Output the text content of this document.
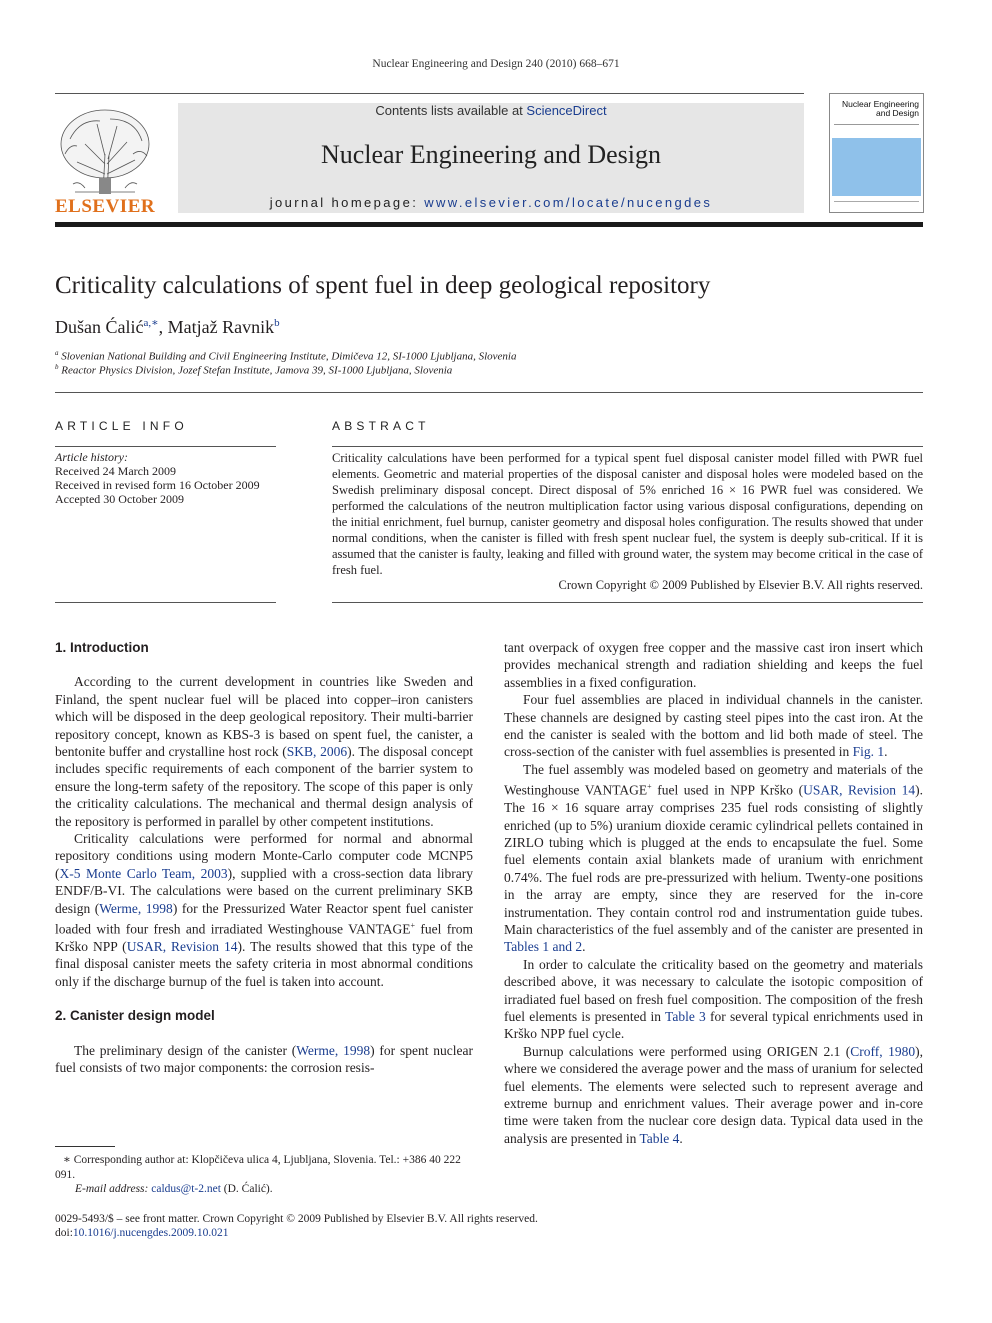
Nuclear Engineering and Design 240 (2010) 668–671
ELSEVIER
Contents lists available at ScienceDirect
Nuclear Engineering and Design
journal homepage: www.elsevier.com/locate/nucengdes
Nuclear Engineering
and Design
Criticality calculations of spent fuel in deep geological repository
Dušan Ćalić$^{a,∗}$, Matjaž Ravnik$^b$
$^a$ Slovenian National Building and Civil Engineering Institute, Dimičeva 12, SI-1000 Ljubljana, Slovenia
$^b$ Reactor Physics Division, Jozef Stefan Institute, Jamova 39, SI-1000 Ljubljana, Slovenia
ARTICLE INFO
Article history:
Received 24 March 2009
Received in revised form 16 October 2009
Accepted 30 October 2009
ABSTRACT
Criticality calculations have been performed for a typical spent fuel disposal canister model filled with PWR fuel elements. Geometric and material properties of the disposal canister and disposal holes were modeled based on the Swedish preliminary disposal concept. Direct disposal of 5% enriched 16 × 16 PWR fuel was considered. We performed the calculations of the neutron multiplication factor using various disposal configurations, depending on the initial enrichment, fuel burnup, canister geometry and disposal holes configuration. The results showed that under normal conditions, when the canister is filled with fresh spent nuclear fuel, the system is deeply sub-critical. If it is assumed that the canister is faulty, leaking and filled with ground water, the system may become critical in the case of fresh fuel.
Crown Copyright © 2009 Published by Elsevier B.V. All rights reserved.
1. Introduction

According to the current development in countries like Sweden and Finland, the spent nuclear fuel will be placed into copper–iron canisters which will be disposed in the deep geological repository. Their multi-barrier repository concept, known as KBS-3 is based on spent fuel, the canister, a bentonite buffer and crystalline host rock (SKB, 2006). The disposal concept includes specific requirements of each component of the barrier system to ensure the long-term safety of the repository. The scope of this paper is only the criticality calculations. The mechanical and thermal design analysis of the repository is performed in parallel by other competent institutions.

Criticality calculations were performed for normal and abnormal repository conditions using modern Monte-Carlo computer code MCNP5 (X-5 Monte Carlo Team, 2003), supplied with a cross-section data library ENDF/B-VI. The calculations were based on the current preliminary SKB design (Werme, 1998) for the Pressurized Water Reactor spent fuel canister loaded with four fresh and irradiated Westinghouse VANTAGE+ fuel from Krško NPP (USAR, Revision 14). The results showed that this type of the final disposal canister meets the safety criteria in most abnormal conditions only if the discharge burnup of the fuel is taken into account.

2. Canister design model

The preliminary design of the canister (Werme, 1998) for spent nuclear fuel consists of two major components: the corrosion resis-

tant overpack of oxygen free copper and the massive cast iron insert which provides mechanical strength and radiation shielding and keeps the fuel assemblies in a fixed configuration.

Four fuel assemblies are placed in individual channels in the canister. These channels are designed by casting steel pipes into the cast iron. At the end the canister is sealed with the bottom and lid both made of steel. The cross-section of the canister with fuel assemblies is presented in Fig. 1.

The fuel assembly was modeled based on geometry and materials of the Westinghouse VANTAGE+ fuel used in NPP Krško (USAR, Revision 14). The 16 × 16 square array comprises 235 fuel rods consisting of slightly enriched (up to 5%) uranium dioxide ceramic cylindrical pellets contained in ZIRLO tubing which is plugged at the ends to encapsulate the fuel. Some fuel elements contain axial blankets made of uranium with enrichment 0.74%. The fuel rods are pre-pressurized with helium. Twenty-one positions in the array are empty, since they are reserved for the in-core instrumentation. They contain control rod and instrumentation guide tubes. Main characteristics of the fuel assembly and of the canister are presented in Tables 1 and 2.

In order to calculate the criticality based on the geometry and materials described above, it was necessary to calculate the isotopic composition of irradiated fuel based on fresh fuel composition. The composition of the fresh fuel elements is presented in Table 3 for several typical enrichments used in Krško NPP fuel cycle.

Burnup calculations were performed using ORIGEN 2.1 (Croff, 1980), where we considered the average power and the mass of uranium for selected fuel elements. The elements were selected such to represent average and extreme burnup and enrichment values. Their average power and in-core time were taken from the nuclear core design data. Typical data used in the analysis are presented in Table 4.

∗ Corresponding author at: Klopčičeva ulica 4, Ljubljana, Slovenia. Tel.: +386 40 222 091.
E-mail address: caldus@t-2.net (D. Ćalić).
0029-5493/$ – see front matter. Crown Copyright © 2009 Published by Elsevier B.V. All rights reserved.
doi:10.1016/j.nucengdes.2009.10.021
